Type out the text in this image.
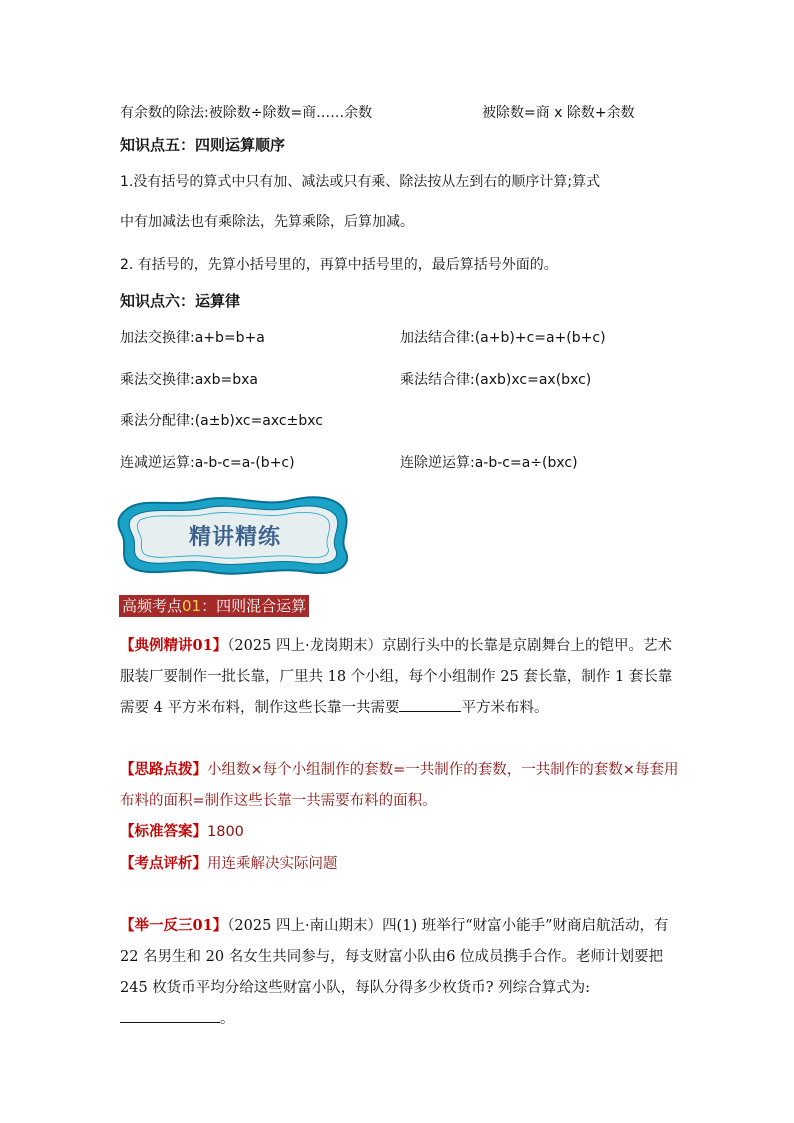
有余数的除法:被除数÷除数=商……余数	被除数=商 x 除数+余数
知识点五：四则运算顺序
1.没有括号的算式中只有加、减法或只有乘、除法按从左到右的顺序计算;算式
中有加减法也有乘除法，先算乘除，后算加减。
2. 有括号的，先算小括号里的，再算中括号里的，最后算括号外面的。
知识点六：运算律
加法交换律:a+b=b+a	加法结合律:(a+b)+c=a+(b+c)
乘法交换律:axb=bxa	乘法结合律:(axb)xc=ax(bxc)
乘法分配律:(a±b)xc=axc±bxc
连减逆运算:a-b-c=a-(b+c)	连除逆运算:a-b-c=a÷(bxc)
精讲精练
高频考点01：四则混合运算
【典例精讲01】（2025 四上·龙岗期末）京剧行头中的长靠是京剧舞台上的铠甲。艺术服装厂要制作一批长靠，厂里共 18 个小组，每个小组制作 25 套长靠，制作 1 套长靠需要 4 平方米布料，制作这些长靠一共需要	平方米布料。
【思路点拨】小组数×每个小组制作的套数=一共制作的套数，一共制作的套数×每套用布料的面积=制作这些长靠一共需要布料的面积。
【标准答案】1800
【考点评析】用连乘解决实际问题
【举一反三01】（2025 四上·南山期末）四(1) 班举行“财富小能手”财商启航活动，有 22 名男生和 20 名女生共同参与，每支财富小队由6 位成员携手合作。老师计划要把 245 枚货币平均分给这些财富小队，每队分得多少枚货币? 列综合算式为:。
